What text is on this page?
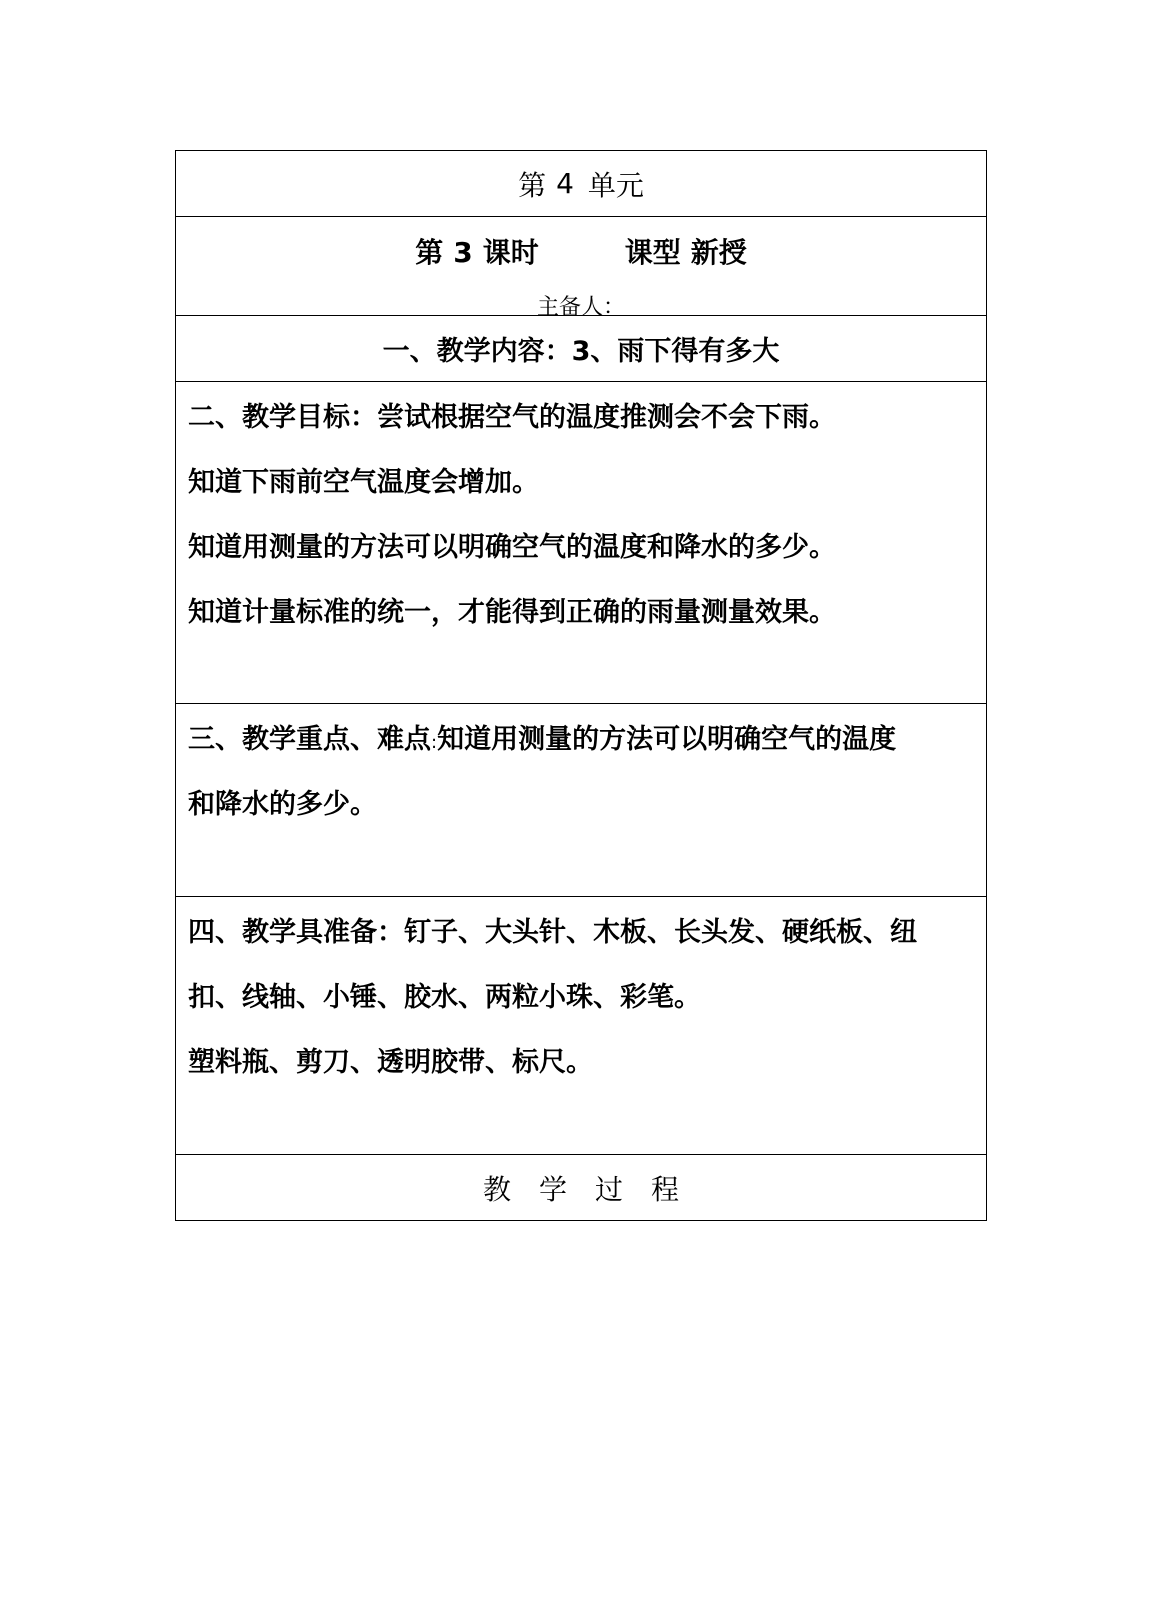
第 4 单元
第 3 课时	课型 新授
主备人：
一、教学内容：3、雨下得有多大
二、教学目标：尝试根据空气的温度推测会不会下雨。
知道下雨前空气温度会增加。
知道用测量的方法可以明确空气的温度和降水的多少。
知道计量标准的统一，才能得到正确的雨量测量效果。
三、教学重点、难点:知道用测量的方法可以明确空气的温度
和降水的多少。
四、教学具准备：钉子、大头针、木板、长头发、硬纸板、纽
扣、线轴、小锤、胶水、两粒小珠、彩笔。
塑料瓶、剪刀、透明胶带、标尺。
教学过程
